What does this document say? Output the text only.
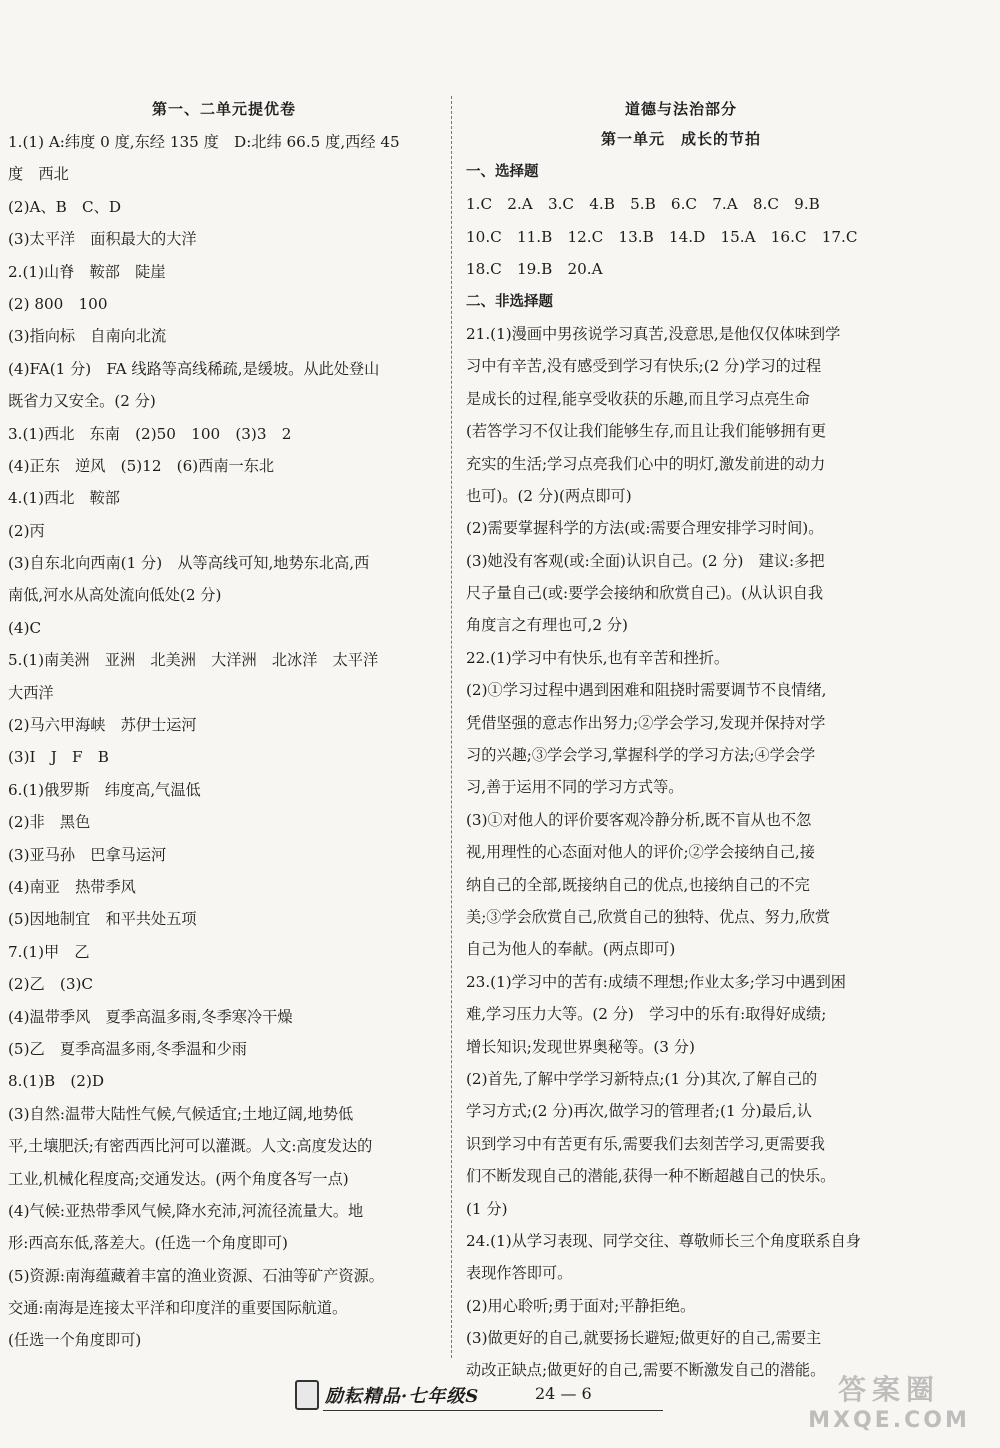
第一、二单元提优卷
1.(1) A:纬度 0 度,东经 135 度　D:北纬 66.5 度,西经 45
度　西北
(2)A、B　C、D
(3)太平洋　面积最大的大洋
2.(1)山脊　鞍部　陡崖
(2) 800　100
(3)指向标　自南向北流
(4)FA(1 分)　FA 线路等高线稀疏,是缓坡。从此处登山
既省力又安全。(2 分)
3.(1)西北　东南　(2)50　100　(3)3　2
(4)正东　逆风　(5)12　(6)西南一东北
4.(1)西北　鞍部
(2)丙
(3)自东北向西南(1 分)　从等高线可知,地势东北高,西
南低,河水从高处流向低处(2 分)
(4)C
5.(1)南美洲　亚洲　北美洲　大洋洲　北冰洋　太平洋
大西洋
(2)马六甲海峡　苏伊士运河
(3)I　J　F　B
6.(1)俄罗斯　纬度高,气温低
(2)非　黑色
(3)亚马孙　巴拿马运河
(4)南亚　热带季风
(5)因地制宜　和平共处五项
7.(1)甲　乙
(2)乙　(3)C
(4)温带季风　夏季高温多雨,冬季寒冷干燥
(5)乙　夏季高温多雨,冬季温和少雨
8.(1)B　(2)D
(3)自然:温带大陆性气候,气候适宜;土地辽阔,地势低
平,土壤肥沃;有密西西比河可以灌溉。人文:高度发达的
工业,机械化程度高;交通发达。(两个角度各写一点)
(4)气候:亚热带季风气候,降水充沛,河流径流量大。地
形:西高东低,落差大。(任选一个角度即可)
(5)资源:南海蕴藏着丰富的渔业资源、石油等矿产资源。
交通:南海是连接太平洋和印度洋的重要国际航道。
(任选一个角度即可)
道德与法治部分
第一单元　成长的节拍
一、选择题
1.C　2.A　3.C　4.B　5.B　6.C　7.A　8.C　9.B
10.C　11.B　12.C　13.B　14.D　15.A　16.C　17.C
18.C　19.B　20.A
二、非选择题
21.(1)漫画中男孩说学习真苦,没意思,是他仅仅体味到学
习中有辛苦,没有感受到学习有快乐;(2 分)学习的过程
是成长的过程,能享受收获的乐趣,而且学习点亮生命
(若答学习不仅让我们能够生存,而且让我们能够拥有更
充实的生活;学习点亮我们心中的明灯,激发前进的动力
也可)。(2 分)(两点即可)
(2)需要掌握科学的方法(或:需要合理安排学习时间)。
(3)她没有客观(或:全面)认识自己。(2 分)　建议:多把
尺子量自己(或:要学会接纳和欣赏自己)。(从认识自我
角度言之有理也可,2 分)
22.(1)学习中有快乐,也有辛苦和挫折。
(2)①学习过程中遇到困难和阻挠时需要调节不良情绪,
凭借坚强的意志作出努力;②学会学习,发现并保持对学
习的兴趣;③学会学习,掌握科学的学习方法;④学会学
习,善于运用不同的学习方式等。
(3)①对他人的评价要客观冷静分析,既不盲从也不忽
视,用理性的心态面对他人的评价;②学会接纳自己,接
纳自己的全部,既接纳自己的优点,也接纳自己的不完
美;③学会欣赏自己,欣赏自己的独特、优点、努力,欣赏
自己为他人的奉献。(两点即可)
23.(1)学习中的苦有:成绩不理想;作业太多;学习中遇到困
难,学习压力大等。(2 分)　学习中的乐有:取得好成绩;
增长知识;发现世界奥秘等。(3 分)
(2)首先,了解中学学习新特点;(1 分)其次,了解自己的
学习方式;(2 分)再次,做学习的管理者;(1 分)最后,认
识到学习中有苦更有乐,需要我们去刻苦学习,更需要我
们不断发现自己的潜能,获得一种不断超越自己的快乐。
(1 分)
24.(1)从学习表现、同学交往、尊敬师长三个角度联系自身
表现作答即可。
(2)用心聆听;勇于面对;平静拒绝。
(3)做更好的自己,就要扬长避短;做更好的自己,需要主
动改正缺点;做更好的自己,需要不断激发自己的潜能。
励耘精品·七年级S	24 — 6	答案圈
MXQE.COM
